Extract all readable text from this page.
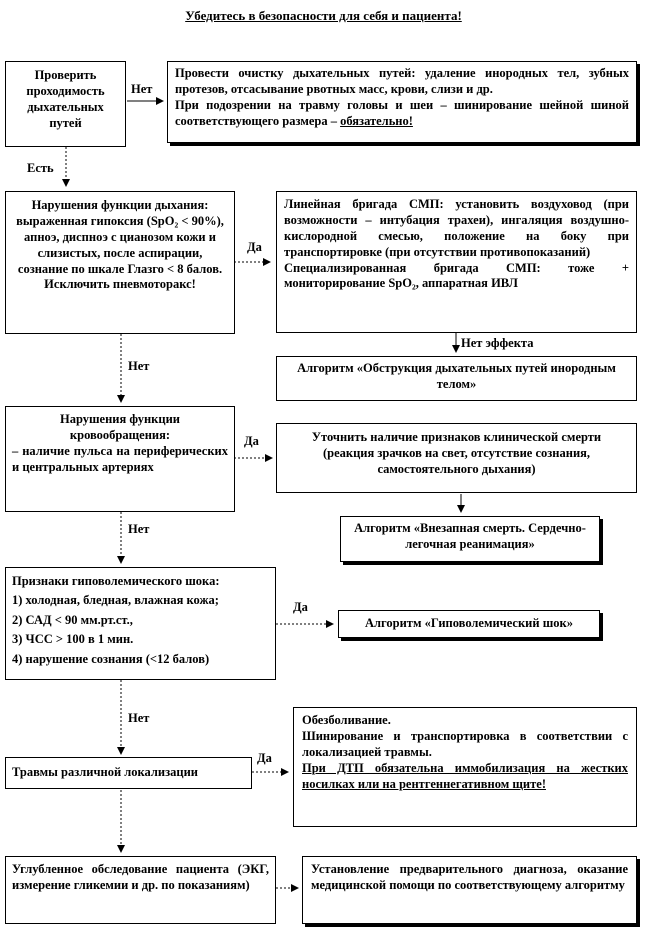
Убедитесь в безопасности для себя и пациента!
Нет
Есть
Да
Нет эффекта
Нет
Да
Нет
Да
Нет
Да

Проверить проходимость дыхательных путей

Провести очистку дыхательных путей: удаление инородных тел, зубных протезов, отсасывание рвотных масс, крови, слизи и др.

При подозрении на травму головы и шеи – шинирование шейной шиной соответствующего размера – обязательно!

Нарушения функции дыхания: выраженная гипоксия (SpO₂ < 90%), апноэ, диспноэ с цианозом кожи и слизистых, после аспирации, сознание по шкале Глазго < 8 балов. Исключить пневмоторакс!

Линейная бригада СМП: установить воздуховод (при возможности – интубация трахеи), ингаляция воздушно-кислородной смесью, положение на боку при транспортировке (при отсутствии противопоказаний)

Специализированная бригада СМП: тоже + мониторирование SpO₂, аппаратная ИВЛ

Алгоритм «Обструкция дыхательных путей инородным телом»

Нарушения функции кровообращения:

– наличие пульса на периферических и центральных артериях

Уточнить наличие признаков клинической смерти (реакция зрачков на свет, отсутствие сознания, самостоятельного дыхания)

Алгоритм «Внезапная смерть. Сердечно-легочная реанимация»

Признаки гиповолемического шока:

1) холодная, бледная, влажная кожа;

2) САД < 90 мм.рт.ст.,

3) ЧСС > 100 в 1 мин.

4) нарушение сознания (<12 балов)

Алгоритм «Гиповолемический шок»

Травмы различной локализации

Обезболивание.

Шинирование и транспортировка в соответствии с локализацией травмы.

При ДТП обязательна иммобилизация на жестких носилках или на рентгеннегативном щите!

Углубленное обследование пациента (ЭКГ, измерение гликемии и др. по показаниям)

Установление предварительного диагноза, оказание медицинской помощи по соответствующему алгоритму
